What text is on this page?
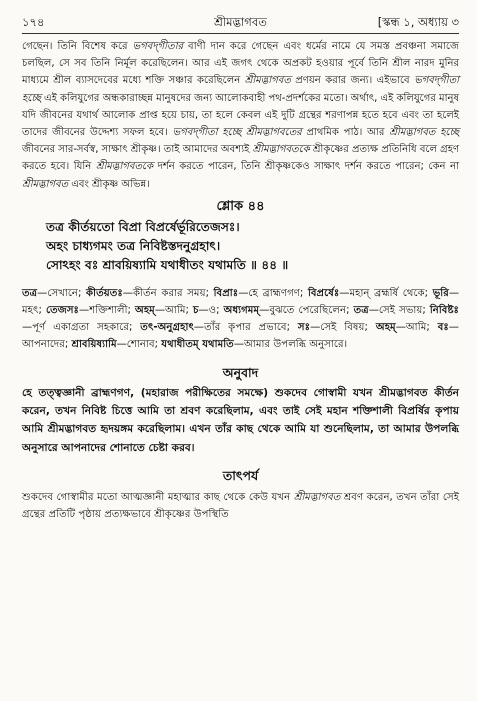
১৭৪	শ্রীমদ্ভাগবত	[স্কন্ধ ১, অধ্যায় ৩

গেছেন। তিনি বিশেষ করে ভগবদ্‌গীতার বাণী দান করে গেছেন এবং ধর্মের নামে যে সমস্ত প্রবঞ্চনা সমাজে চলছিল, সে সব তিনি নির্মূল করেছিলেন। আর এই জগৎ থেকে অপ্রকট হওয়ার পূর্বে তিনি শ্রীল নারদ মুনির মাধ্যমে শ্রীল ব্যাসদেবের মধ্যে শক্তি সঞ্চার করেছিলেন শ্রীমদ্ভাগবত প্রণয়ন করার জন্য। এইভাবে ভগবদ্‌গীতা হচ্ছে এই কলিযুগের অন্ধকারাচ্ছন্ন মানুষদের জন্য আলোকবাহী পথ-প্রদর্শকের মতো। অর্থাৎ, এই কলিযুগের মানুষ যদি জীবনের যথার্থ আলোক প্রাপ্ত হয়ে চায়, তা হলে কেবল এই দুটি গ্রন্থের শরণাপন্ন হতে হবে এবং তা হলেই তাদের জীবনের উদ্দেশ্য সফল হবে। ভগবদ্‌গীতা হচ্ছে শ্রীমদ্ভাগবতের প্রাথমিক পাঠ। আর শ্রীমদ্ভাগবত হচ্ছে জীবনের সার-সর্বস্ব, সাক্ষাৎ শ্রীকৃষ্ণ। তাই আমাদের অবশ্যই শ্রীমদ্ভাগবতকে শ্রীকৃষ্ণের প্রত্যক্ষ প্রতিনিধি বলে গ্রহণ করতে হবে। যিনি শ্রীমদ্ভাগবতকে দর্শন করতে পারেন, তিনি শ্রীকৃষ্ণকেও সাক্ষাৎ দর্শন করতে পারেন; কেন না শ্রীমদ্ভাগবত এবং শ্রীকৃষ্ণ অভিন্ন।

শ্লোক ৪৪
তত্র কীর্তয়তো বিপ্রা বিপ্রর্ষের্ভূরিতেজসঃ।
অহং চাধ্যগমং তত্র নিবিষ্টস্তদনুগ্রহাৎ।
সোঽহং বঃ শ্রাবয়িষ্যামি যথাধীতং যথামতি ॥ ৪৪ ॥

তত্র—সেখানে; কীর্তয়তঃ—কীর্তন করার সময়; বিপ্রাঃ—হে ব্রাহ্মণগণ; বিপ্রর্ষেঃ—মহান্ ব্রহ্মর্ষি থেকে; ভূরি—মহৎ; তেজসঃ—শক্তিশালী; অহম্—আমি; চ—ও; অধ্যগমম্—বুঝতে পেরেছিলেন; তত্র—সেই সভায়; নিবিষ্টঃ—পূর্ণ একাগ্রতা সহকারে; তৎ-অনুগ্রহাৎ—তাঁর কৃপার প্রভাবে; সঃ—সেই বিষয়; অহম্—আমি; বঃ—আপনাদের; শ্রাবয়িষ্যামি—শোনাব; যথাধীতম্ যথামতি—আমার উপলব্ধি অনুসারে।

অনুবাদ

হে তত্ত্বজ্ঞানী ব্রাহ্মণগণ, (মহারাজ পরীক্ষিতের সমক্ষে) শুকদেব গোস্বামী যখন শ্রীমদ্ভাগবত কীর্তন করেন, তখন নিবিষ্ট চিত্তে আমি তা শ্রবণ করেছিলাম, এবং তাই সেই মহান শক্তিশালী বিপ্রর্ষির কৃপায় আমি শ্রীমদ্ভাগবত হৃদয়ঙ্গম করেছিলাম। এখন তাঁর কাছ থেকে আমি যা শুনেছিলাম, তা আমার উপলব্ধি অনুসারে আপনাদের শোনাতে চেষ্টা করব।

তাৎপর্য

শুকদেব গোস্বামীর মতো আত্মজ্ঞানী মহাত্মার কাছ থেকে কেউ যখন শ্রীমদ্ভাগবত শ্রবণ করেন, তখন তাঁরা সেই গ্রন্থের প্রতিটি পৃষ্ঠায় প্রত্যক্ষভাবে শ্রীকৃষ্ণের উপস্থিতি
